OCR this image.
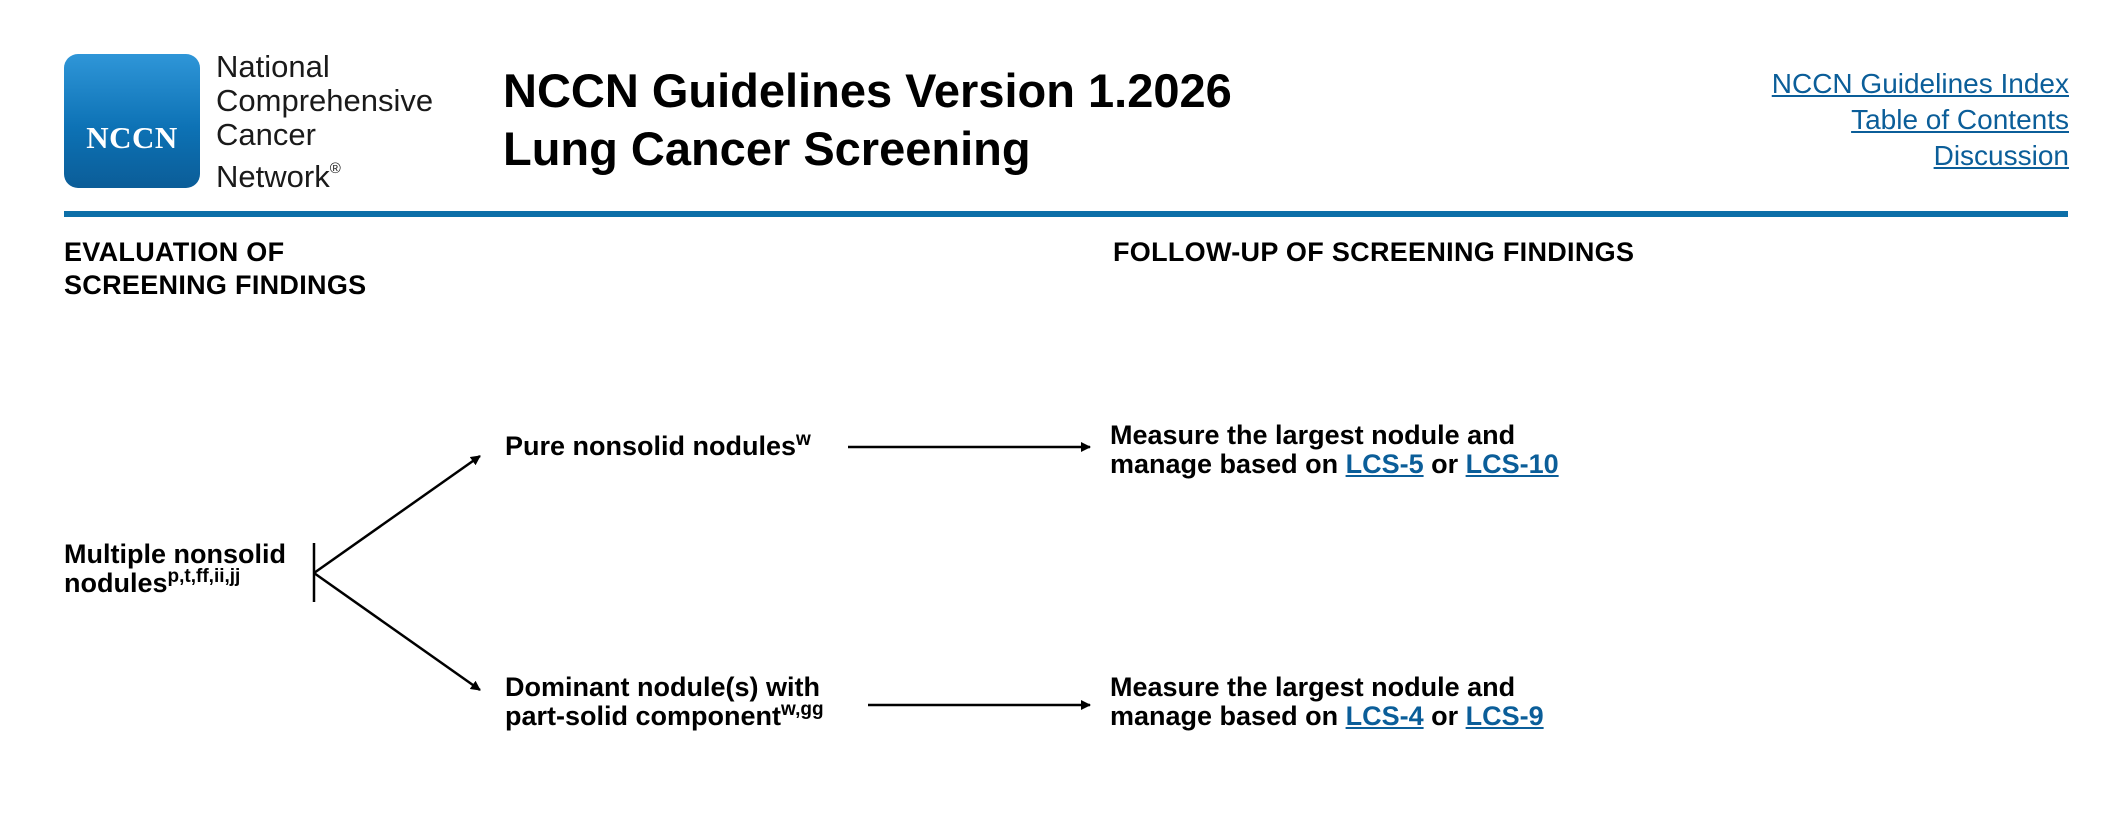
NCCN
National
Comprehensive
Cancer
Network®
NCCN Guidelines Version 1.2026
Lung Cancer Screening
NCCN Guidelines Index
Table of Contents
Discussion
EVALUATION OF
SCREENING FINDINGS
FOLLOW-UP OF SCREENING FINDINGS
Multiple nonsolid
nodules$^{p,t,ff,ii,jj}$
Pure nonsolid nodules$^w$
Dominant nodule(s) with
part-solid component$^{w,gg}$
Measure the largest nodule and
manage based on LCS-5 or LCS-10
Measure the largest nodule and
manage based on LCS-4 or LCS-9
